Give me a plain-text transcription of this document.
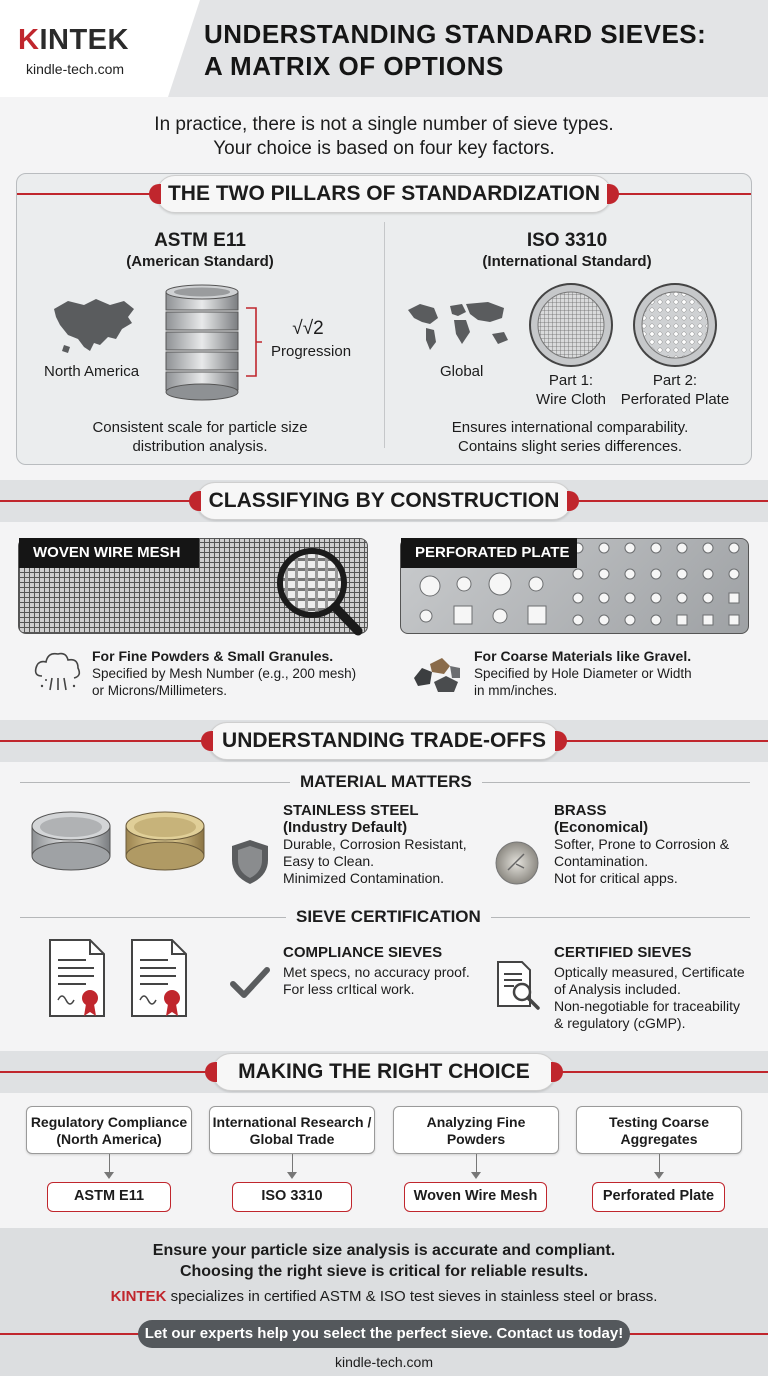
KINTEK
kindle-tech.com
UNDERSTANDING STANDARD SIEVES:
A MATRIX OF OPTIONS
In practice, there is not a single number of sieve types.
Your choice is based on four key factors.
THE TWO PILLARS OF STANDARDIZATION
ASTM E11
(American Standard)
North America
√√2
Progression
Consistent scale for particle size
distribution analysis.
ISO 3310
(International Standard)
Global
Part 1:
Wire Cloth
Part 2:
Perforated Plate
Ensures international comparability.
Contains slight series differences.
CLASSIFYING BY CONSTRUCTION
WOVEN WIRE MESH	PERFORATED PLATE
For Fine Powders & Small Granules.
Specified by Mesh Number (e.g., 200 mesh)
or Microns/Millimeters.
For Coarse Materials like Gravel.
Specified by Hole Diameter or Width
in mm/inches.
UNDERSTANDING TRADE-OFFS
MATERIAL MATTERS
STAINLESS STEEL
(Industry Default)
Durable, Corrosion Resistant,
Easy to Clean.
Minimized Contamination.
BRASS
(Economical)
Softer, Prone to Corrosion &
Contamination.
Not for critical apps.
SIEVE CERTIFICATION
COMPLIANCE SIEVES
Met specs, no accuracy proof.
For less crItical work.
CERTIFIED SIEVES
Optically measured, Certificate
of Analysis included.
Non-negotiable for traceability
& regulatory (cGMP).
MAKING THE RIGHT CHOICE
Regulatory Compliance
(North America)
International Research /
Global Trade
Analyzing Fine
Powders
Testing Coarse
Aggregates
ASTM E11	ISO 3310	Woven Wire Mesh	Perforated Plate
Ensure your particle size analysis is accurate and compliant.
Choosing the right sieve is critical for reliable results.
KINTEK specializes in certified ASTM & ISO test sieves in stainless steel or brass.
Let our experts help you select the perfect sieve. Contact us today!
kindle-tech.com
